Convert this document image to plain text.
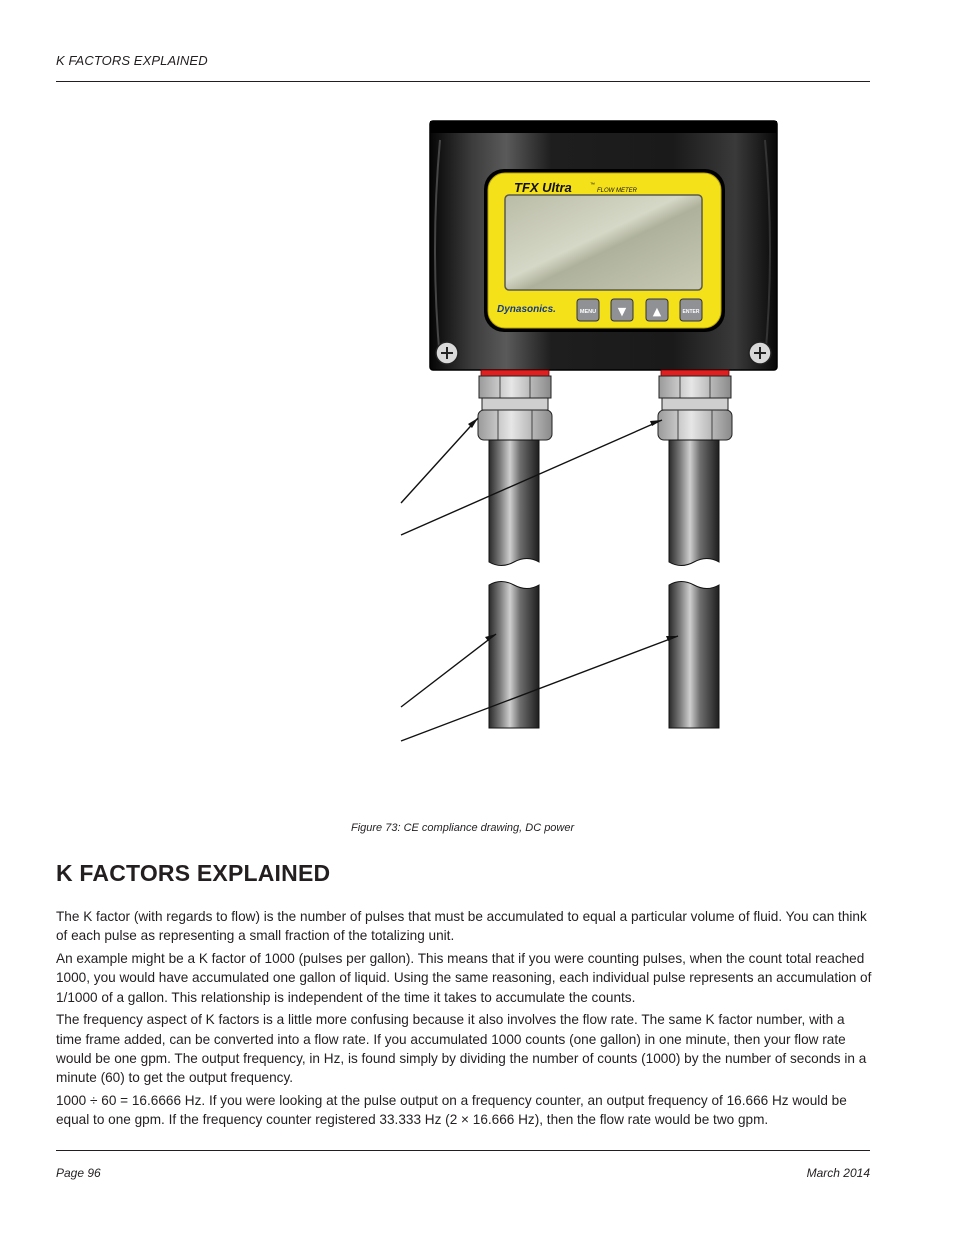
K FACTORS EXPLAINED
TFX Ultra	™
FLOW METER
Dynasonics.	MENU ▼ ▲	ENTER
Figure 73: CE compliance drawing, DC power
K FACTORS EXPLAINED

The K factor (with regards to flow) is the number of pulses that must be accumulated to equal a particular volume of fluid. You can think of each pulse as representing a small fraction of the totalizing unit.

An example might be a K factor of 1000 (pulses per gallon). This means that if you were counting pulses, when the count total reached 1000, you would have accumulated one gallon of liquid. Using the same reasoning, each individual pulse represents an accumulation of 1/1000 of a gallon. This relationship is independent of the time it takes to accumulate the counts.

The frequency aspect of K factors is a little more confusing because it also involves the flow rate. The same K factor number, with a time frame added, can be converted into a flow rate. If you accumulated 1000 counts (one gallon) in one minute, then your flow rate would be one gpm. The output frequency, in Hz, is found simply by dividing the number of counts (1000) by the number of seconds in a minute (60) to get the output frequency.

1000 ÷ 60 = 16.6666 Hz. If you were looking at the pulse output on a frequency counter, an output frequency of 16.666 Hz would be equal to one gpm. If the frequency counter registered 33.333 Hz (2 × 16.666 Hz), then the flow rate would be two gpm.

Page 96	March 2014
